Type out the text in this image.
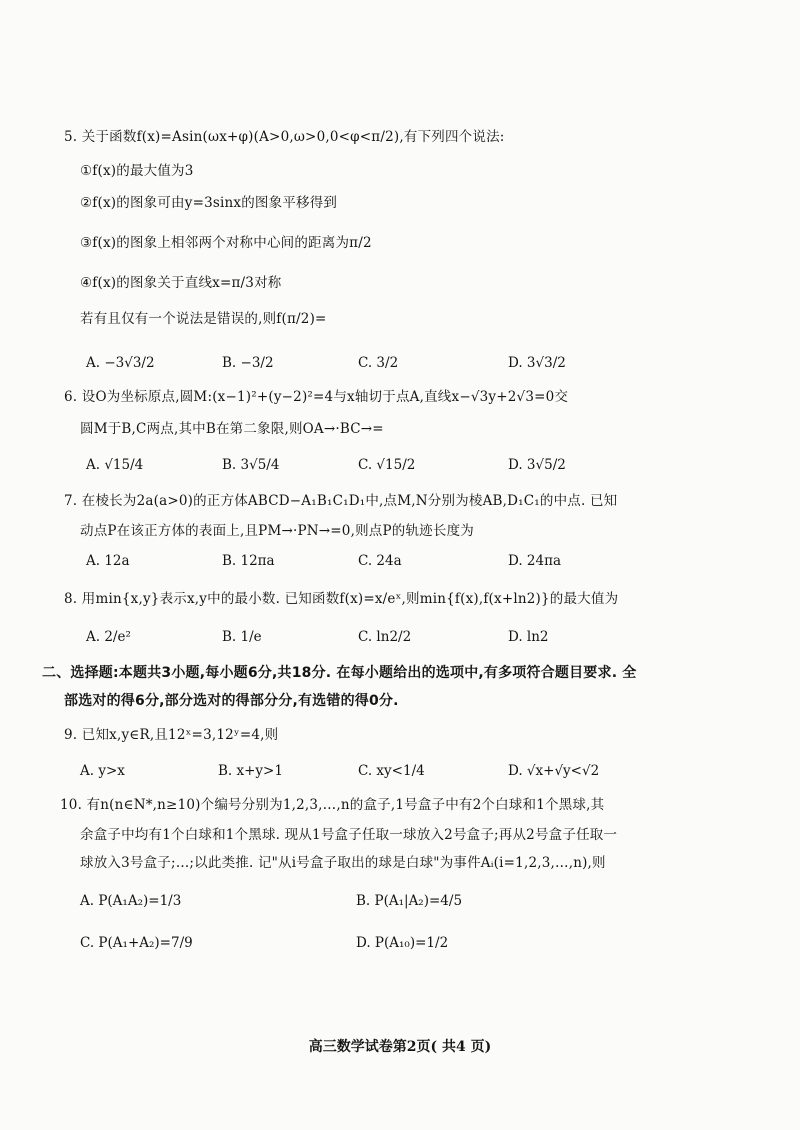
5. 关于函数f(x)=Asin(ωx+φ)(A>0,ω>0,0<φ<π/2),有下列四个说法:
①f(x)的最大值为3
②f(x)的图象可由y=3sinx的图象平移得到
③f(x)的图象上相邻两个对称中心间的距离为π/2
④f(x)的图象关于直线x=π/3对称
若有且仅有一个说法是错误的,则f(π/2)=
A. −3√3/2	B. −3/2	C. 3/2	D. 3√3/2
6. 设O为坐标原点,圆M:(x−1)²+(y−2)²=4与x轴切于点A,直线x−√3y+2√3=0交
圆M于B,C两点,其中B在第二象限,则OA→·BC→=
A. √15/4	B. 3√5/4	C. √15/2	D. 3√5/2
7. 在棱长为2a(a>0)的正方体ABCD−A₁B₁C₁D₁中,点M,N分别为棱AB,D₁C₁的中点. 已知
动点P在该正方体的表面上,且PM→·PN→=0,则点P的轨迹长度为
A. 12a	B. 12πa	C. 24a	D. 24πa
8. 用min{x,y}表示x,y中的最小数. 已知函数f(x)=x/eˣ,则min{f(x),f(x+ln2)}的最大值为
A. 2/e²	B. 1/e	C. ln2/2	D. ln2
二、选择题:本题共3小题,每小题6分,共18分. 在每小题给出的选项中,有多项符合题目要求. 全
部选对的得6分,部分选对的得部分分,有选错的得0分.
9. 已知x,y∈R,且12ˣ=3,12ʸ=4,则
A. y>x	B. x+y>1	C. xy<1/4	D. √x+√y<√2
10. 有n(n∈N*,n≥10)个编号分别为1,2,3,…,n的盒子,1号盒子中有2个白球和1个黑球,其
余盒子中均有1个白球和1个黑球. 现从1号盒子任取一球放入2号盒子;再从2号盒子任取一
球放入3号盒子;…;以此类推. 记"从i号盒子取出的球是白球"为事件Aᵢ(i=1,2,3,…,n),则
A. P(A₁A₂)=1/3	B. P(A₁|A₂)=4/5
C. P(A₁+A₂)=7/9	D. P(A₁₀)=1/2
高三数学试卷第2页( 共4 页)
